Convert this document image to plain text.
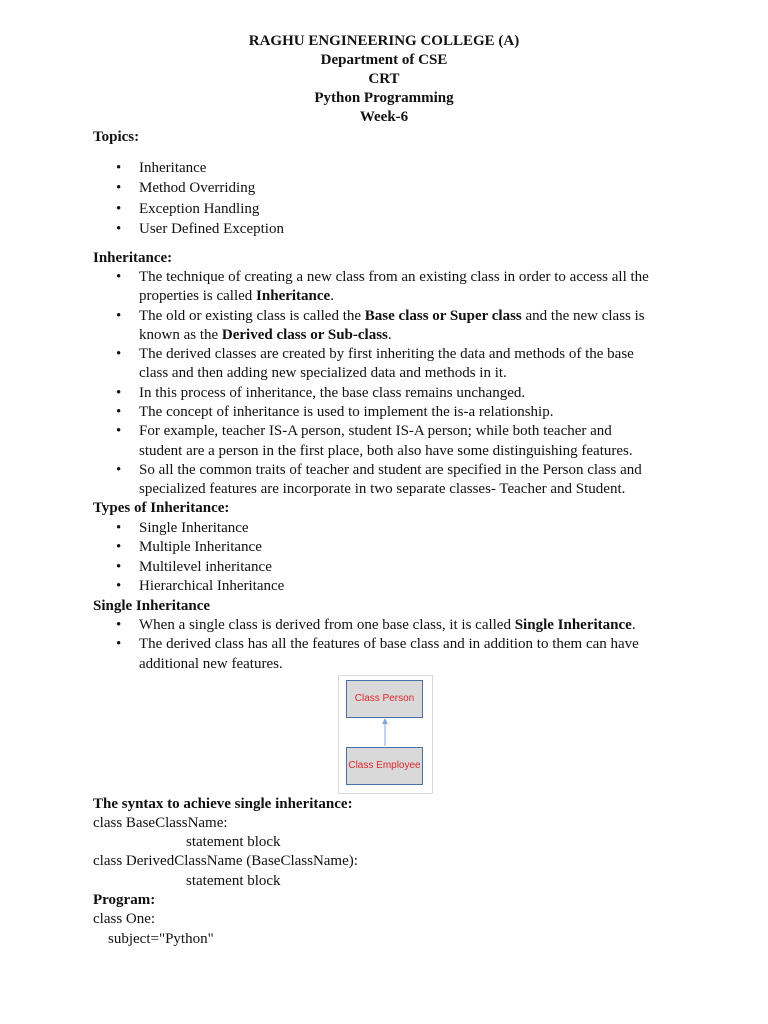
RAGHU ENGINEERING COLLEGE (A)
Department of CSE
CRT
Python Programming
Week-6
Topics:
• Inheritance
• Method Overriding
• Exception Handling
• User Defined Exception
Inheritance:
• The technique of creating a new class from an existing class in order to access all the
properties is called Inheritance.
• The old or existing class is called the Base class or Super class and the new class is
known as the Derived class or Sub-class.
• The derived classes are created by first inheriting the data and methods of the base
class and then adding new specialized data and methods in it.
• In this process of inheritance, the base class remains unchanged.
• The concept of inheritance is used to implement the is-a relationship.
• For example, teacher IS-A person, student IS-A person; while both teacher and
student are a person in the first place, both also have some distinguishing features.
• So all the common traits of teacher and student are specified in the Person class and
specialized features are incorporate in two separate classes- Teacher and Student.
Types of Inheritance:
• Single Inheritance
• Multiple Inheritance
• Multilevel inheritance
• Hierarchical Inheritance
Single Inheritance
• When a single class is derived from one base class, it is called Single Inheritance.
• The derived class has all the features of base class and in addition to them can have
additional new features.
Class Person
Class Employee
The syntax to achieve single inheritance:
class BaseClassName:
statement block
class DerivedClassName (BaseClassName):
statement block
Program:
class One:
subject="Python"
